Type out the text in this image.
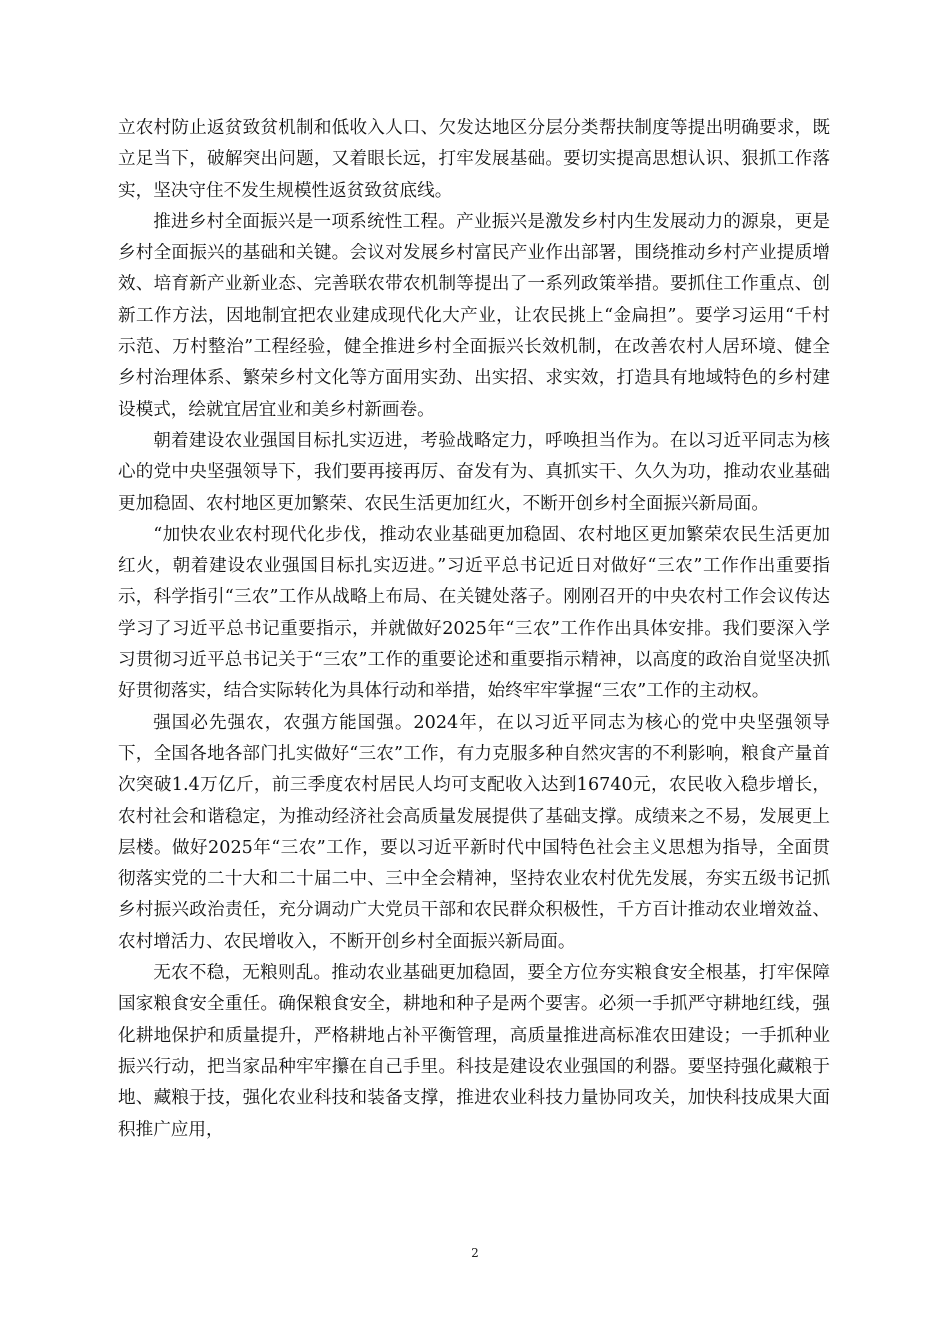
立农村防止返贫致贫机制和低收入人口、欠发达地区分层分类帮扶制度等提出明确要求，既立足当下，破解突出问题，又着眼长远，打牢发展基础。要切实提高思想认识、狠抓工作落实，坚决守住不发生规模性返贫致贫底线。

推进乡村全面振兴是一项系统性工程。产业振兴是激发乡村内生发展动力的源泉，更是乡村全面振兴的基础和关键。会议对发展乡村富民产业作出部署，围绕推动乡村产业提质增效、培育新产业新业态、完善联农带农机制等提出了一系列政策举措。要抓住工作重点、创新工作方法，因地制宜把农业建成现代化大产业，让农民挑上“金扁担”。要学习运用“千村示范、万村整治”工程经验，健全推进乡村全面振兴长效机制，在改善农村人居环境、健全乡村治理体系、繁荣乡村文化等方面用实劲、出实招、求实效，打造具有地域特色的乡村建设模式，绘就宜居宜业和美乡村新画卷。

朝着建设农业强国目标扎实迈进，考验战略定力，呼唤担当作为。在以习近平同志为核心的党中央坚强领导下，我们要再接再厉、奋发有为、真抓实干、久久为功，推动农业基础更加稳固、农村地区更加繁荣、农民生活更加红火，不断开创乡村全面振兴新局面。

“加快农业农村现代化步伐，推动农业基础更加稳固、农村地区更加繁荣农民生活更加红火，朝着建设农业强国目标扎实迈进。”习近平总书记近日对做好“三农”工作作出重要指示，科学指引“三农”工作从战略上布局、在关键处落子。刚刚召开的中央农村工作会议传达学习了习近平总书记重要指示，并就做好2025年“三农”工作作出具体安排。我们要深入学习贯彻习近平总书记关于“三农”工作的重要论述和重要指示精神，以高度的政治自觉坚决抓好贯彻落实，结合实际转化为具体行动和举措，始终牢牢掌握“三农”工作的主动权。

强国必先强农，农强方能国强。2024年，在以习近平同志为核心的党中央坚强领导下，全国各地各部门扎实做好“三农”工作，有力克服多种自然灾害的不利影响，粮食产量首次突破1.4万亿斤，前三季度农村居民人均可支配收入达到16740元，农民收入稳步增长，农村社会和谐稳定，为推动经济社会高质量发展提供了基础支撑。成绩来之不易，发展更上层楼。做好2025年“三农”工作，要以习近平新时代中国特色社会主义思想为指导，全面贯彻落实党的二十大和二十届二中、三中全会精神，坚持农业农村优先发展，夯实五级书记抓乡村振兴政治责任，充分调动广大党员干部和农民群众积极性，千方百计推动农业增效益、农村增活力、农民增收入，不断开创乡村全面振兴新局面。

无农不稳，无粮则乱。推动农业基础更加稳固，要全方位夯实粮食安全根基，打牢保障国家粮食安全重任。确保粮食安全，耕地和种子是两个要害。必须一手抓严守耕地红线，强化耕地保护和质量提升，严格耕地占补平衡管理，高质量推进高标准农田建设；一手抓种业振兴行动，把当家品种牢牢攥在自己手里。科技是建设农业强国的利器。要坚持强化藏粮于地、藏粮于技，强化农业科技和装备支撑，推进农业科技力量协同攻关，加快科技成果大面积推广应用，

2
